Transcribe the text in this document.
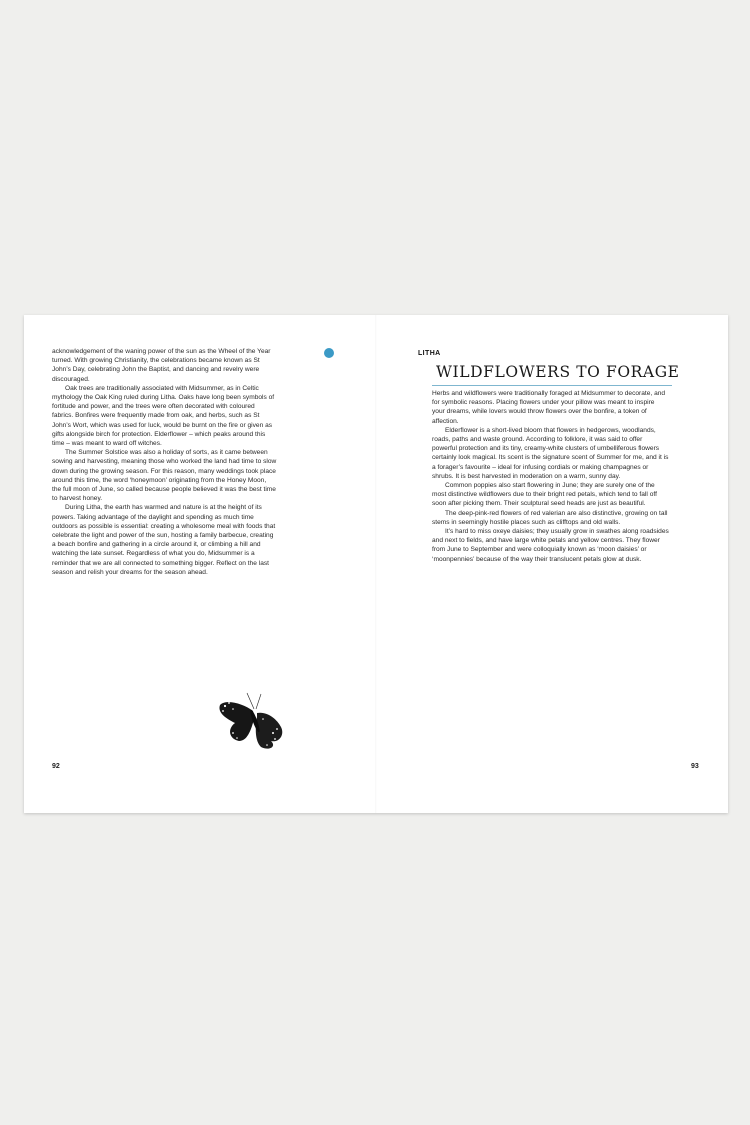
acknowledgement of the waning power of the sun as the Wheel of the Year turned. With growing Christianity, the celebrations became known as St John’s Day, celebrating John the Baptist, and dancing and revelry were discouraged.

Oak trees are traditionally associated with Midsummer, as in Celtic mythology the Oak King ruled during Litha. Oaks have long been symbols of fortitude and power, and the trees were often decorated with coloured fabrics. Bonfires were frequently made from oak, and herbs, such as St John’s Wort, which was used for luck, would be burnt on the fire or given as gifts alongside birch for protection. Elderflower – which peaks around this time – was meant to ward off witches.

The Summer Solstice was also a holiday of sorts, as it came between sowing and harvesting, meaning those who worked the land had time to slow down during the growing season. For this reason, many weddings took place around this time, the word ‘honeymoon’ originating from the Honey Moon, the full moon of June, so called because people believed it was the best time to harvest honey.

During Litha, the earth has warmed and nature is at the height of its powers. Taking advantage of the daylight and spending as much time outdoors as possible is essential: creating a wholesome meal with foods that celebrate the light and power of the sun, hosting a family barbecue, creating a beach bonfire and gathering in a circle around it, or climbing a hill and watching the late sunset. Regardless of what you do, Midsummer is a reminder that we are all connected to something bigger. Reflect on the last season and relish your dreams for the season ahead.

92
LITHA
WILDFLOWERS TO FORAGE

Herbs and wildflowers were traditionally foraged at Midsummer to decorate, and for symbolic reasons. Placing flowers under your pillow was meant to inspire your dreams, while lovers would throw flowers over the bonfire, a token of affection.

Elderflower is a short-lived bloom that flowers in hedgerows, woodlands, roads, paths and waste ground. According to folklore, it was said to offer powerful protection and its tiny, creamy-white clusters of umbelliferous flowers certainly look magical. Its scent is the signature scent of Summer for me, and it is a forager’s favourite – ideal for infusing cordials or making champagnes or shrubs. It is best harvested in moderation on a warm, sunny day.

Common poppies also start flowering in June; they are surely one of the most distinctive wildflowers due to their bright red petals, which tend to fall off soon after picking them. Their sculptural seed heads are just as beautiful.

The deep-pink-red flowers of red valerian are also distinctive, growing on tall stems in seemingly hostile places such as clifftops and old walls.

It’s hard to miss oxeye daisies; they usually grow in swathes along roadsides and next to fields, and have large white petals and yellow centres. They flower from June to September and were colloquially known as ‘moon daisies’ or ‘moonpennies’ because of the way their translucent petals glow at dusk.

93
